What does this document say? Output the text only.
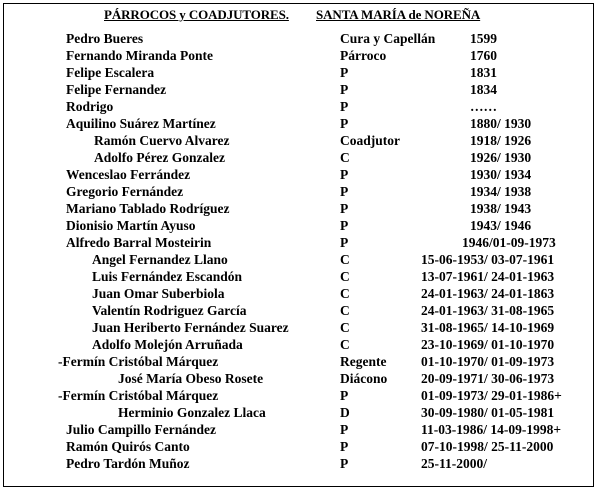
PÁRROCOS y COADJUTORES. SANTA MARÍA de NOREÑA
Pedro Bueres	Cura y Capellán	1599
Fernando Miranda Ponte	Párroco	1760
Felipe Escalera	P	1831
Felipe Fernandez	P	1834
Rodrigo	P	……
Aquilino Suárez Martínez	P	1880/ 1930
Ramón Cuervo Alvarez	Coadjutor	1918/ 1926
Adolfo Pérez Gonzalez	C	1926/ 1930
Wenceslao Ferrández	P	1930/ 1934
Gregorio Fernández	P	1934/ 1938
Mariano Tablado Rodríguez	P	1938/ 1943
Dionisio Martín Ayuso	P	1943/ 1946
Alfredo Barral Mosteirin	P	1946/01-09-1973
Angel Fernandez Llano	C	15-06-1953/ 03-07-1961
Luis Fernández Escandón	C	13-07-1961/ 24-01-1963
Juan Omar Suberbiola	C	24-01-1963/ 24-01-1863
Valentín Rodriguez García	C	24-01-1963/ 31-08-1965
Juan Heriberto Fernández Suarez	C	31-08-1965/ 14-10-1969
Adolfo Molejón Arruñada	C	23-10-1969/ 01-10-1970
-Fermín Cristóbal Márquez	Regente	01-10-1970/ 01-09-1973
José María Obeso Rosete	Diácono	20-09-1971/ 30-06-1973
-Fermín Cristóbal Márquez	P	01-09-1973/ 29-01-1986+
Herminio Gonzalez Llaca	D	30-09-1980/ 01-05-1981
Julio Campillo Fernández	P	11-03-1986/ 14-09-1998+
Ramón Quirós Canto	P	07-10-1998/ 25-11-2000
Pedro Tardón Muñoz	P	25-11-2000/
